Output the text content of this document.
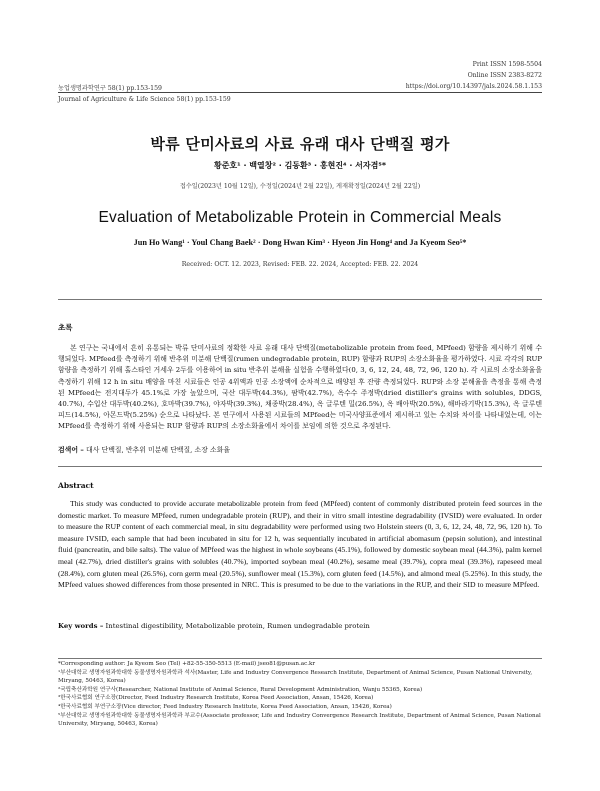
농업생명과학연구 58(1) pp.153-159
Journal of Agriculture & Life Science 58(1) pp.153-159
Print ISSN 1598-5504
Online ISSN 2383-8272
https://doi.org/10.14397/jals.2024.58.1.153
박류 단미사료의 사료 유래 대사 단백질 평가
황준호¹ · 백열창² · 김동환³ · 홍현진⁴ · 서자겸⁵*
접수일(2023년 10월 12일), 수정일(2024년 2월 22일), 게재확정일(2024년 2월 22일)
Evaluation of Metabolizable Protein in Commercial Meals
Jun Ho Wang¹ · Youl Chang Baek² · Dong Hwan Kim³ · Hyeon Jin Hong⁴ and Ja Kyeom Seo⁵*
Received: OCT. 12. 2023, Revised: FEB. 22. 2024, Accepted: FEB. 22. 2024
초록
본 연구는 국내에서 흔히 유통되는 박류 단미사료의 정확한 사료 유래 대사 단백질(metabolizable protein from feed, MPfeed) 함량을 제시하기 위해 수행되었다. MPfeed를 측정하기 위해 반추위 미분해 단백질(rumen undegradable protein, RUP) 함량과 RUP의 소장소화율을 평가하였다. 시료 각각의 RUP 함량을 측정하기 위해 홀스타인 거세우 2두를 이용하여 in situ 반추위 분해율 실험을 수행하였다(0, 3, 6, 12, 24, 48, 72, 96, 120 h). 각 시료의 소장소화율을 측정하기 위해 12 h in situ 배양을 마친 시료들은 인공 4위액과 인공 소장액에 순차적으로 배양된 후 잔량 측정되었다. RUP와 소장 분해율을 측정을 통해 측정된 MPfeed는 전지대두가 45.1%로 가장 높았으며, 국산 대두박(44.3%), 팜박(42.7%), 옥수수 주정박(dried distiller's grains with solubles, DDGS, 40.7%), 수입산 대두박(40.2%), 호마박(39.7%), 야자박(39.3%), 채종박(28.4%), 옥 글루텐 밀(26.5%), 옥 배아박(20.5%), 해바라기박(15.3%), 옥 글루텐 피드(14.5%), 아몬드박(5.25%) 순으로 나타났다. 본 연구에서 사용된 시료들의 MPfeed는 미국사양표준에서 제시하고 있는 수치와 차이를 나타내었는데, 이는 MPfeed를 측정하기 위해 사용되는 RUP 함량과 RUP의 소장소화율에서 차이를 보임에 의한 것으로 추정된다.
검색어 – 대사 단백질, 반추위 미분해 단백질, 소장 소화율
Abstract
This study was conducted to provide accurate metabolizable protein from feed (MPfeed) content of commonly distributed protein feed sources in the domestic market. To measure MPfeed, rumen undegradable protein (RUP), and their in vitro small intestine degradability (IVSID) were evaluated. In order to measure the RUP content of each commercial meal, in situ degradability were performed using two Holstein steers (0, 3, 6, 12, 24, 48, 72, 96, 120 h). To measure IVSID, each sample that had been incubated in situ for 12 h, was sequentially incubated in artificial abomasum (pepsin solution), and intestinal fluid (pancreatin, and bile salts). The value of MPfeed was the highest in whole soybeans (45.1%), followed by domestic soybean meal (44.3%), palm kernel meal (42.7%), dried distiller's grains with solubles (40.7%), imported soybean meal (40.2%), sesame meal (39.7%), copra meal (39.3%), rapeseed meal (28.4%), corn gluten meal (26.5%), corn germ meal (20.5%), sunflower meal (15.3%), corn gluten feed (14.5%), and almond meal (5.25%). In this study, the MPfeed values showed differences from those presented in NRC. This is presumed to be due to the variations in the RUP, and their SID to measure MPfeed.
Key words – Intestinal digestibility, Metabolizable protein, Rumen undegradable protein
*Corresponding author: Ja Kyeom Seo (Tel) +82-55-350-5513 (E-mail) jseo81@pusan.ac.kr
¹부산대학교 생명자원과학대학 동물생명자원과학과 석사(Master, Life and Industry Convergence Research Institute, Department of Animal Science, Pusan National University, Miryang, 50463, Korea)
²국립축산과학원 연구사(Researcher, National Institute of Animal Science, Rural Development Administration, Wanju 55365, Korea)
³한국사료협회 연구소장(Director, Feed Industry Research Institute, Korea Feed Association, Ansan, 15426, Korea)
⁴한국사료협회 부연구소장(Vice director, Feed Industry Research Institute, Korea Feed Association, Ansan, 15426, Korea)
⁵부산대학교 생명자원과학대학 동물생명자원과학과 부교수(Associate professor, Life and Industry Convergence Research Institute, Department of Animal Science, Pusan National University, Miryang, 50463, Korea)
